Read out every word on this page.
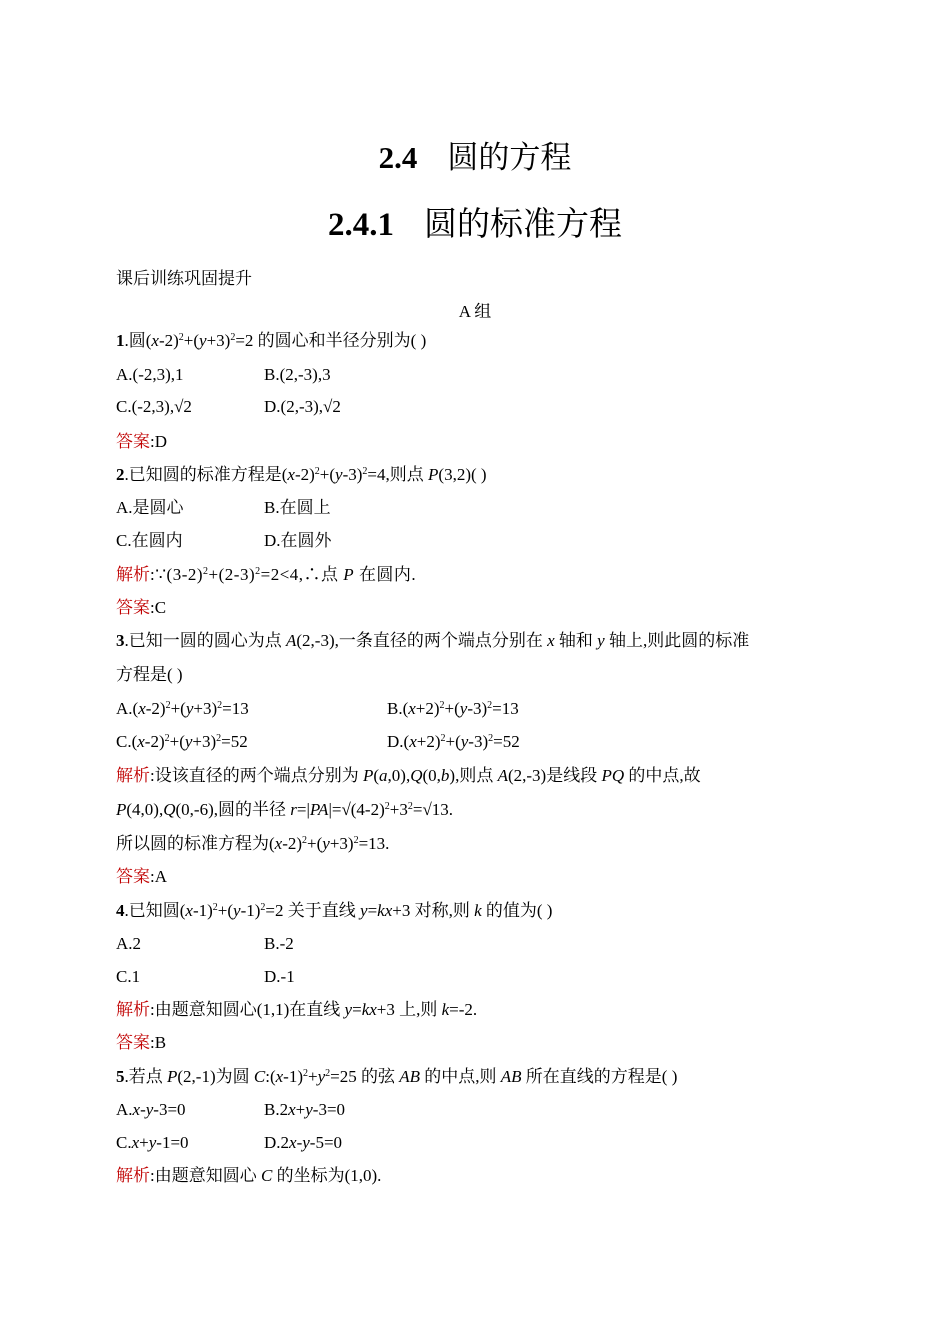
2.4 圆的方程
2.4.1 圆的标准方程
课后训练巩固提升
A 组
1.圆$(x-2)^2+(y+3)^2=2$ 的圆心和半径分别为( )
A.(-2,3),1	B.(2,-3),3
C.(-2,3),√2	D.(2,-3),√2
答案:D
2.已知圆的标准方程是$(x-2)^2+(y-3)^2=4$,则点 P(3,2)( )
A.是圆心	B.在圆上
C.在圆内	D.在圆外
解析$:\because(3-2)^2+(2-3)^2=2<4,\therefore$点 P 在圆内.
答案:C
3.已知一圆的圆心为点 A(2,-3),一条直径的两个端点分别在 x 轴和 y 轴上,则此圆的标准
方程是( )
$A.(x-2)^2+(y+3)^2=13$	$B.(x+2)^2+(y-3)^2=13$
$C.(x-2)^2+(y+3)^2=52$	$D.(x+2)^2+(y-3)^2=52$
解析:设该直径的两个端点分别为 P(a,0),Q(0,b),则点 A(2,-3)是线段 PQ 的中点,故
P(4,0),Q(0,-6),圆的半径 $r=|PA|=√(4-2)^2+3^2=√13$.
所以圆的标准方程为$(x-2)^2+(y+3)^2=13$.
答案:A
4.已知圆$(x-1)^2+(y-1)^2=2$ 关于直线 y=kx+3 对称,则 k 的值为( )
A.2	B.-2
C.1	D.-1
解析:由题意知圆心(1,1)在直线 y=kx+3 上,则 k=-2.
答案:B
5.若点 P(2,-1)为圆 $C:(x-1)^2+y^2=25$ 的弦 AB 的中点,则 AB 所在直线的方程是( )
A.x-y-3=0	B.2x+y-3=0
C.x+y-1=0	D.2x-y-5=0
解析:由题意知圆心 C 的坐标为(1,0).
